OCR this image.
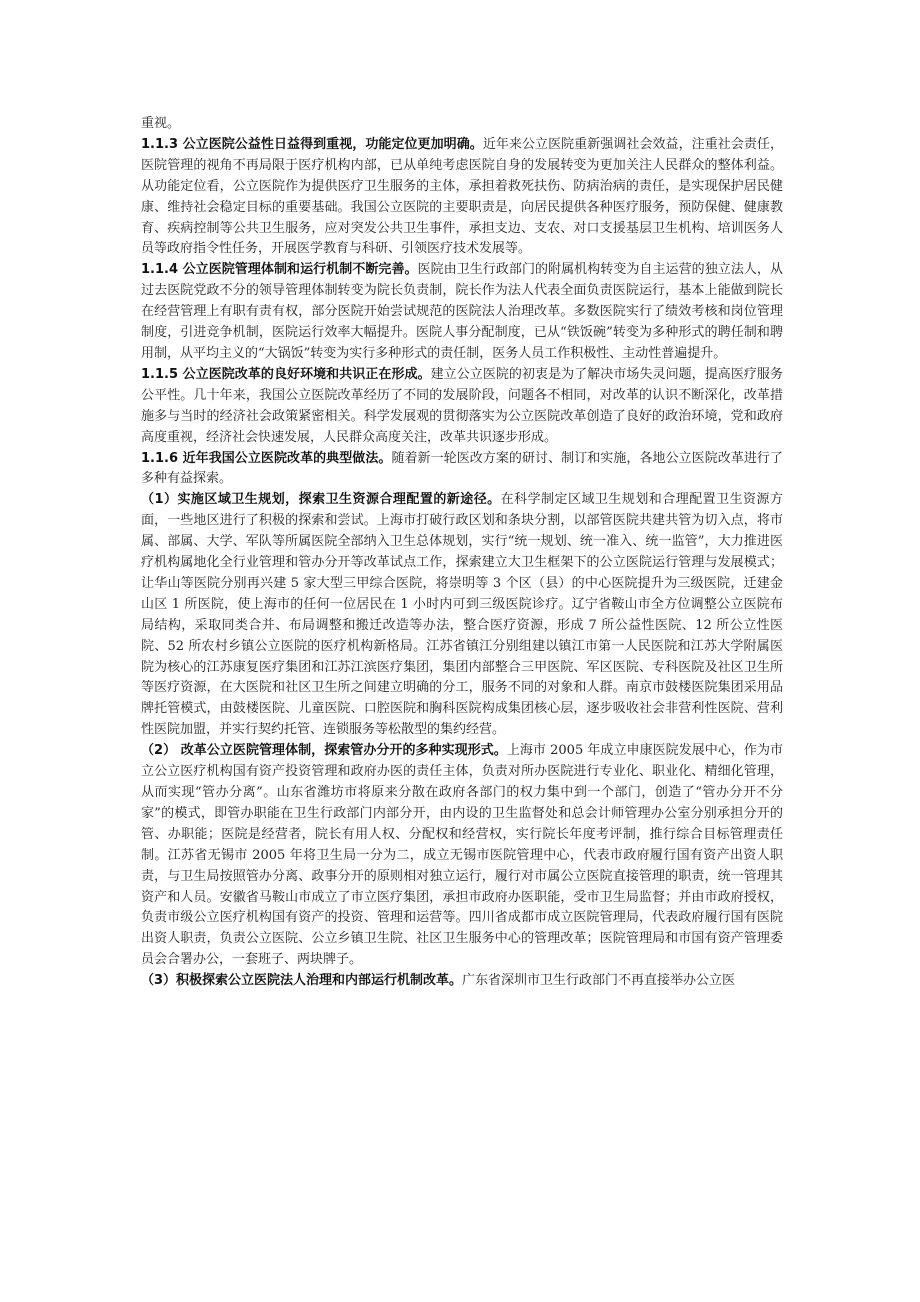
重视。

1.1.3 公立医院公益性日益得到重视，功能定位更加明确。近年来公立医院重新强调社会效益，注重社会责任，医院管理的视角不再局限于医疗机构内部，已从单纯考虑医院自身的发展转变为更加关注人民群众的整体利益。从功能定位看，公立医院作为提供医疗卫生服务的主体，承担着救死扶伤、防病治病的责任，是实现保护居民健康、维持社会稳定目标的重要基础。我国公立医院的主要职责是，向居民提供各种医疗服务，预防保健、健康教育、疾病控制等公共卫生服务，应对突发公共卫生事件，承担支边、支农、对口支援基层卫生机构、培训医务人员等政府指令性任务，开展医学教育与科研、引领医疗技术发展等。

1.1.4 公立医院管理体制和运行机制不断完善。医院由卫生行政部门的附属机构转变为自主运营的独立法人，从过去医院党政不分的领导管理体制转变为院长负责制，院长作为法人代表全面负责医院运行，基本上能做到院长在经营管理上有职有责有权，部分医院开始尝试规范的医院法人治理改革。多数医院实行了绩效考核和岗位管理制度，引进竞争机制，医院运行效率大幅提升。医院人事分配制度，已从“铁饭碗”转变为多种形式的聘任制和聘用制，从平均主义的“大锅饭”转变为实行多种形式的责任制，医务人员工作积极性、主动性普遍提升。

1.1.5 公立医院改革的良好环境和共识正在形成。建立公立医院的初衷是为了解决市场失灵问题，提高医疗服务公平性。几十年来，我国公立医院改革经历了不同的发展阶段，问题各不相同，对改革的认识不断深化，改革措施多与当时的经济社会政策紧密相关。科学发展观的贯彻落实为公立医院改革创造了良好的政治环境，党和政府高度重视，经济社会快速发展，人民群众高度关注，改革共识逐步形成。

1.1.6 近年我国公立医院改革的典型做法。随着新一轮医改方案的研讨、制订和实施，各地公立医院改革进行了多种有益探索。

（1）实施区域卫生规划，探索卫生资源合理配置的新途径。在科学制定区域卫生规划和合理配置卫生资源方面，一些地区进行了积极的探索和尝试。上海市打破行政区划和条块分割，以部管医院共建共管为切入点，将市属、部属、大学、军队等所属医院全部纳入卫生总体规划，实行“统一规划、统一准入、统一监管”，大力推进医疗机构属地化全行业管理和管办分开等改革试点工作，探索建立大卫生框架下的公立医院运行管理与发展模式；让华山等医院分别再兴建 5 家大型三甲综合医院，将崇明等 3 个区（县）的中心医院提升为三级医院，迁建金山区 1 所医院，使上海市的任何一位居民在 1 小时内可到三级医院诊疗。辽宁省鞍山市全方位调整公立医院布局结构，采取同类合并、布局调整和搬迁改造等办法，整合医疗资源，形成 7 所公益性医院、12 所公立性医院、52 所农村乡镇公立医院的医疗机构新格局。江苏省镇江分别组建以镇江市第一人民医院和江苏大学附属医院为核心的江苏康复医疗集团和江苏江滨医疗集团，集团内部整合三甲医院、军区医院、专科医院及社区卫生所等医疗资源，在大医院和社区卫生所之间建立明确的分工，服务不同的对象和人群。南京市鼓楼医院集团采用品牌托管模式，由鼓楼医院、儿童医院、口腔医院和胸科医院构成集团核心层，逐步吸收社会非营利性医院、营利性医院加盟，并实行契约托管、连锁服务等松散型的集约经营。

（2） 改革公立医院管理体制，探索管办分开的多种实现形式。上海市 2005 年成立申康医院发展中心，作为市立公立医疗机构国有资产投资管理和政府办医的责任主体，负责对所办医院进行专业化、职业化、精细化管理，从而实现“管办分离”。山东省潍坊市将原来分散在政府各部门的权力集中到一个部门，创造了“管办分开不分家”的模式，即管办职能在卫生行政部门内部分开，由内设的卫生监督处和总会计师管理办公室分别承担分开的管、办职能；医院是经营者，院长有用人权、分配权和经营权，实行院长年度考评制，推行综合目标管理责任制。江苏省无锡市 2005 年将卫生局一分为二，成立无锡市医院管理中心，代表市政府履行国有资产出资人职责，与卫生局按照管办分离、政事分开的原则相对独立运行，履行对市属公立医院直接管理的职责，统一管理其资产和人员。安徽省马鞍山市成立了市立医疗集团，承担市政府办医职能，受市卫生局监督；并由市政府授权，负责市级公立医疗机构国有资产的投资、管理和运营等。四川省成都市成立医院管理局，代表政府履行国有医院出资人职责，负责公立医院、公立乡镇卫生院、社区卫生服务中心的管理改革；医院管理局和市国有资产管理委员会合署办公，一套班子、两块牌子。

（3）积极探索公立医院法人治理和内部运行机制改革。广东省深圳市卫生行政部门不再直接举办公立医
